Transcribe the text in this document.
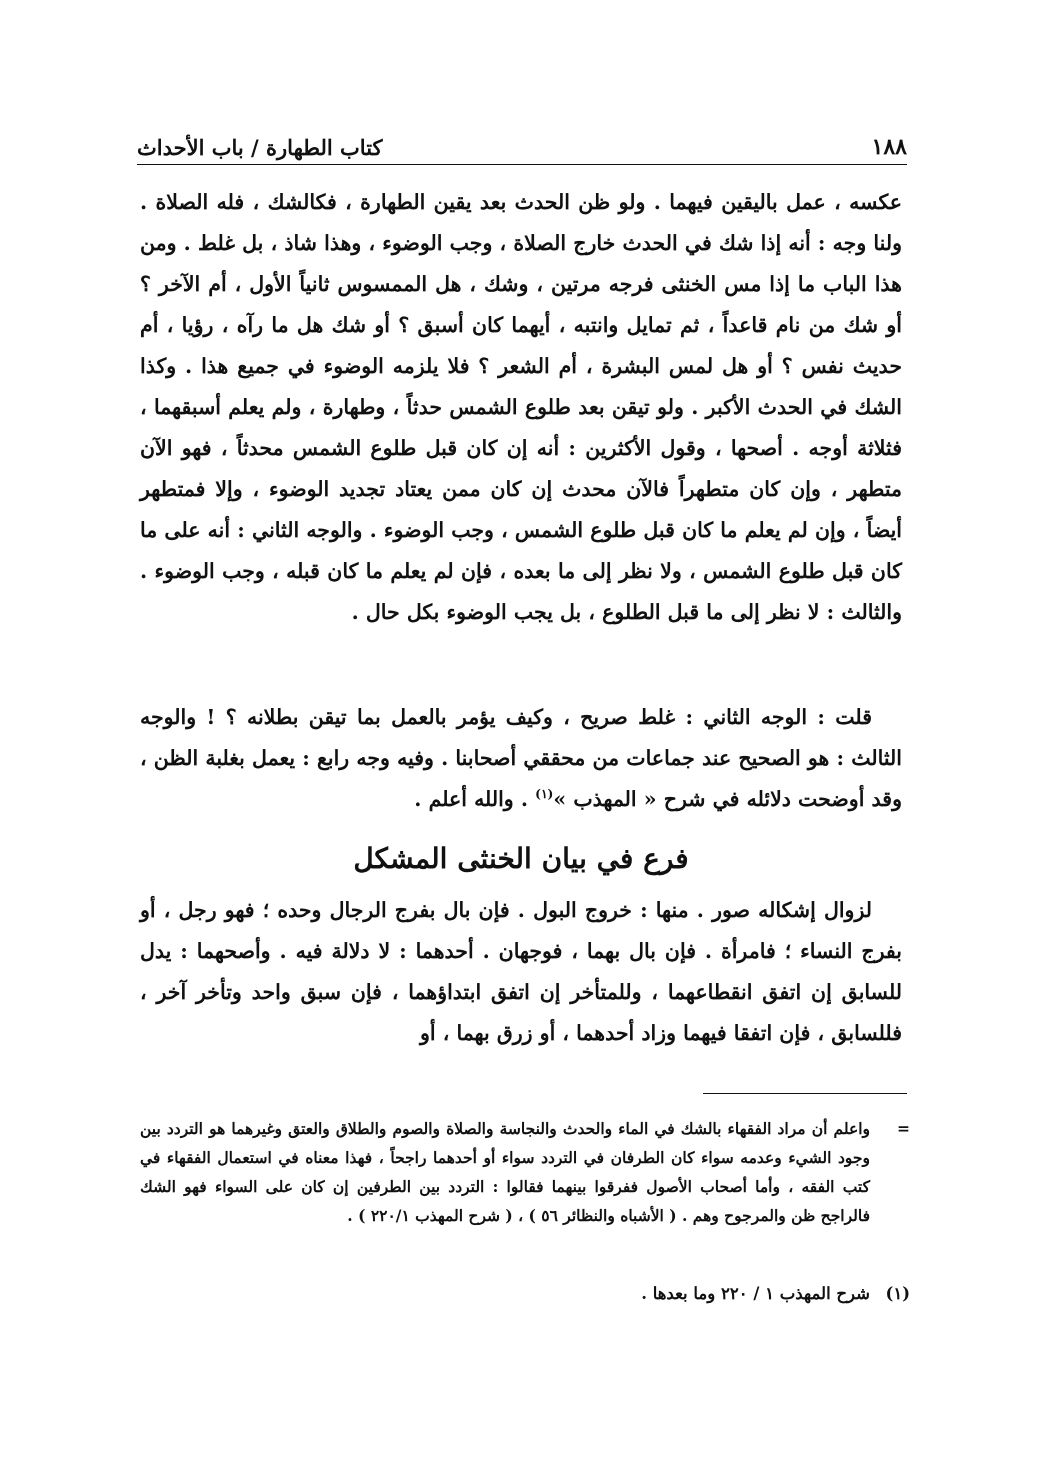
١٨٨
كتاب الطهارة / باب الأحداث

عكسه ، عمل باليقين فيهما . ولو ظن الحدث بعد يقين الطهارة ، فكالشك ، فله الصلاة . ولنا وجه : أنه إذا شك في الحدث خارج الصلاة ، وجب الوضوء ، وهذا شاذ ، بل غلط . ومن هذا الباب ما إذا مس الخنثى فرجه مرتين ، وشك ، هل الممسوس ثانياً الأول ، أم الآخر ؟ أو شك من نام قاعداً ، ثم تمايل وانتبه ، أيهما كان أسبق ؟ أو شك هل ما رآه ، رؤيا ، أم حديث نفس ؟ أو هل لمس البشرة ، أم الشعر ؟ فلا يلزمه الوضوء في جميع هذا . وكذا الشك في الحدث الأكبر . ولو تيقن بعد طلوع الشمس حدثاً ، وطهارة ، ولم يعلم أسبقهما ، فثلاثة أوجه . أصحها ، وقول الأكثرين : أنه إن كان قبل طلوع الشمس محدثاً ، فهو الآن متطهر ، وإن كان متطهراً فالآن محدث إن كان ممن يعتاد تجديد الوضوء ، وإلا فمتطهر أيضاً ، وإن لم يعلم ما كان قبل طلوع الشمس ، وجب الوضوء . والوجه الثاني : أنه على ما كان قبل طلوع الشمس ، ولا نظر إلى ما بعده ، فإن لم يعلم ما كان قبله ، وجب الوضوء . والثالث : لا نظر إلى ما قبل الطلوع ، بل يجب الوضوء بكل حال .

قلت : الوجه الثاني : غلط صريح ، وكيف يؤمر بالعمل بما تيقن بطلانه ؟ ! والوجه الثالث : هو الصحيح عند جماعات من محققي أصحابنا . وفيه وجه رابع : يعمل بغلبة الظن ، وقد أوضحت دلائله في شرح « المهذب »$^{(١)}$ . والله أعلم .

فرع في بيان الخنثى المشكل

لزوال إشكاله صور . منها : خروج البول . فإن بال بفرج الرجال وحده ؛ فهو رجل ، أو بفرج النساء ؛ فامرأة . فإن بال بهما ، فوجهان . أحدهما : لا دلالة فيه . وأصحهما : يدل للسابق إن اتفق انقطاعهما ، وللمتأخر إن اتفق ابتداؤهما ، فإن سبق واحد وتأخر آخر ، فللسابق ، فإن اتفقا فيهما وزاد أحدهما ، أو زرق بهما ، أو

=

واعلم أن مراد الفقهاء بالشك في الماء والحدث والنجاسة والصلاة والصوم والطلاق والعتق وغيرهما هو التردد بين وجود الشيء وعدمه سواء كان الطرفان في التردد سواء أو أحدهما راجحاً ، فهذا معناه في استعمال الفقهاء في كتب الفقه ، وأما أصحاب الأصول ففرقوا بينهما فقالوا : التردد بين الطرفين إن كان على السواء فهو الشك فالراجح ظن والمرجوح وهم . ( الأشباه والنظائر ٥٦ ) ، ( شرح المهذب ٢٢٠/١ ) .

(١)
شرح المهذب ١ / ٢٢٠ وما بعدها .
